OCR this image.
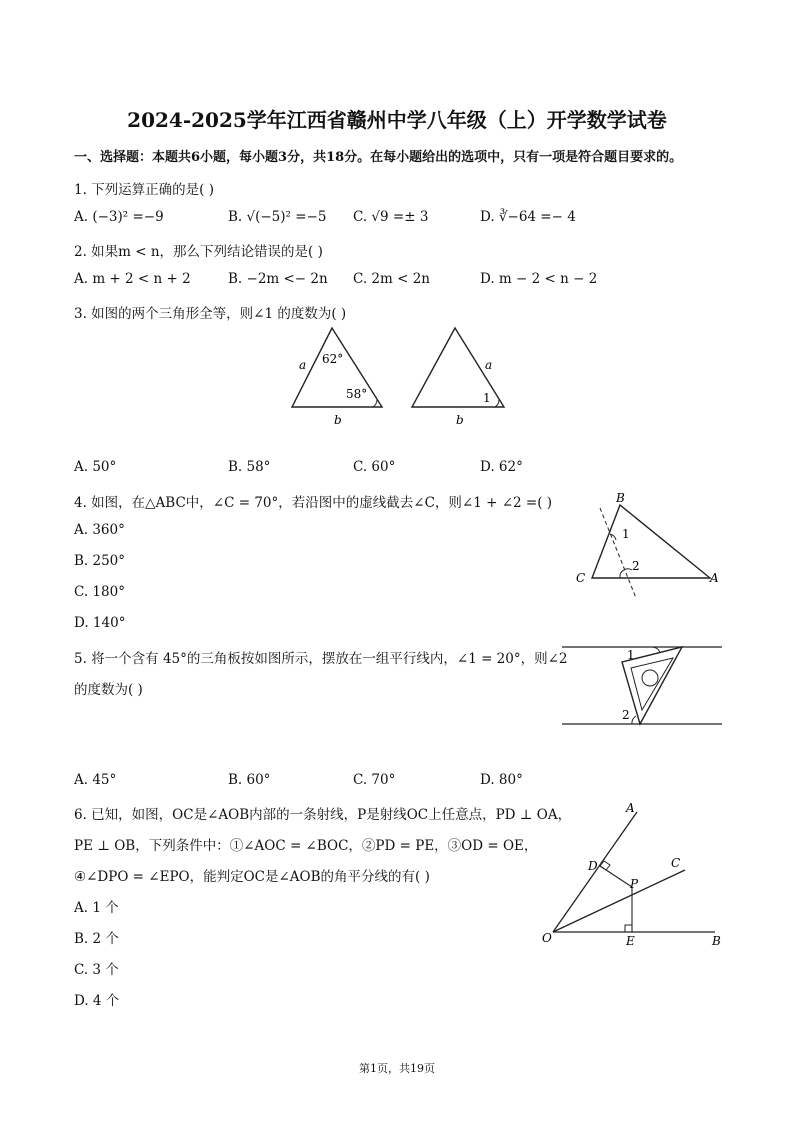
2024-2025学年江西省赣州中学八年级（上）开学数学试卷
一、选择题：本题共6小题，每小题3分，共18分。在每小题给出的选项中，只有一项是符合题目要求的。
1. 下列运算正确的是( )
A. (−3)² =−9	B. √(−5)² =−5 C. √9 =± 3	D. ∛−64 =− 4
2. 如果m < n，那么下列结论错误的是( )
A. m + 2 < n + 2	B. −2m <− 2n C. 2m < 2n	D. m − 2 < n − 2
3. 如图的两个三角形全等，则∠1 的度数为( )
62°
58°
a
b
1
a
b
A. 50°	B. 58°	C. 60°	D. 62°
4. 如图，在△ABC中，∠C = 70°，若沿图中的虚线截去∠C，则∠1 + ∠2 =( )
A. 360°
B. 250°
C. 180°
D. 140°
B
C	A
1
2
5. 将一个含有 45°的三角板按如图所示，摆放在一组平行线内，∠1 = 20°，则∠2
的度数为( )
1
2
A. 45°	B. 60°	C. 70°	D. 80°
6. 已知，如图，OC是∠AOB内部的一条射线，P是射线OC上任意点，PD ⊥ OA，
PE ⊥ OB，下列条件中：①∠AOC = ∠BOC，②PD = PE，③OD = OE，
④∠DPO = ∠EPO，能判定OC是∠AOB的角平分线的有( )
A. 1 个
B. 2 个
C. 3 个
D. 4 个
A
C
D
P
O	E	B
第1页，共19页
